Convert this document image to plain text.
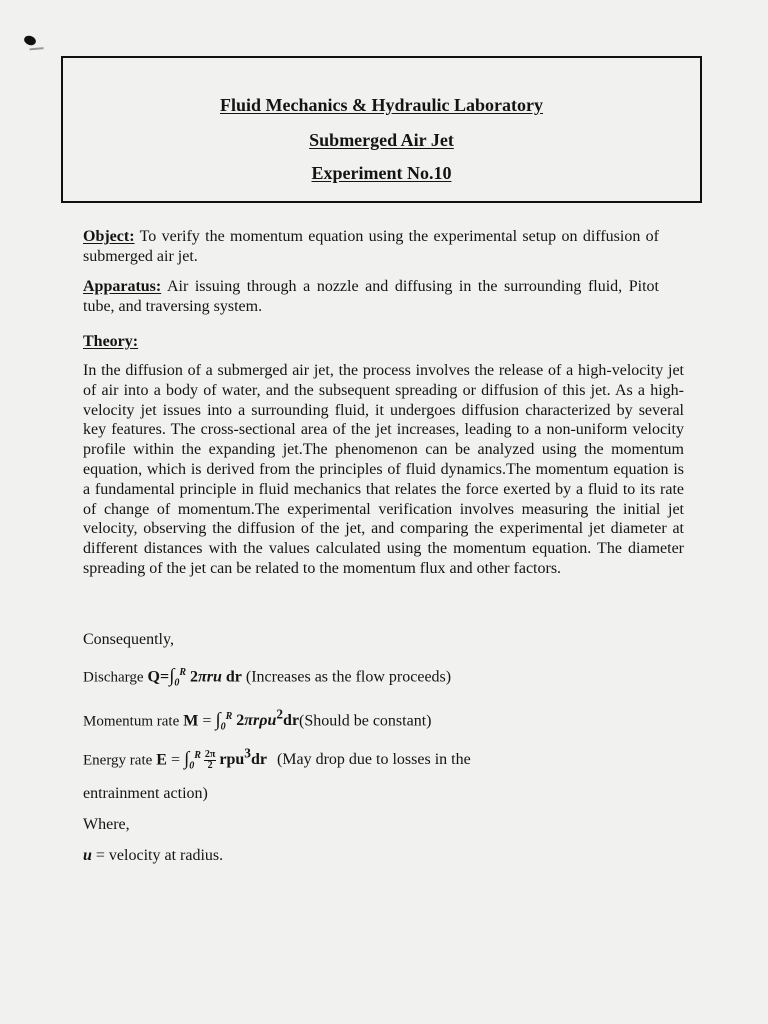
Fluid Mechanics & Hydraulic Laboratory
Submerged Air Jet
Experiment No.10
Object: To verify the momentum equation using the experimental setup on diffusion of submerged air jet.
Apparatus: Air issuing through a nozzle and diffusing in the surrounding fluid, Pitot tube, and traversing system.
Theory:
In the diffusion of a submerged air jet, the process involves the release of a high-velocity jet of air into a body of water, and the subsequent spreading or diffusion of this jet. As a high-velocity jet issues into a surrounding fluid, it undergoes diffusion characterized by several key features. The cross-sectional area of the jet increases, leading to a non-uniform velocity profile within the expanding jet.The phenomenon can be analyzed using the momentum equation, which is derived from the principles of fluid dynamics.The momentum equation is a fundamental principle in fluid mechanics that relates the force exerted by a fluid to its rate of change of momentum.The experimental verification involves measuring the initial jet velocity, observing the diffusion of the jet, and comparing the experimental jet diameter at different distances with the values calculated using the momentum equation. The diameter spreading of the jet can be related to the momentum flux and other factors.
Consequently,
Discharge $Q=\int_0^R$ 2πru dr (Increases as the flow proceeds)
Momentum rate $M = \int_0^R$ 2πrρu$^2$dr(Should be constant)
Energy rate $E = \int_0^R \frac{2\pi}{2} rpu^3dr$ (May drop due to losses in the
entrainment action)
Where,
u = velocity at radius.
